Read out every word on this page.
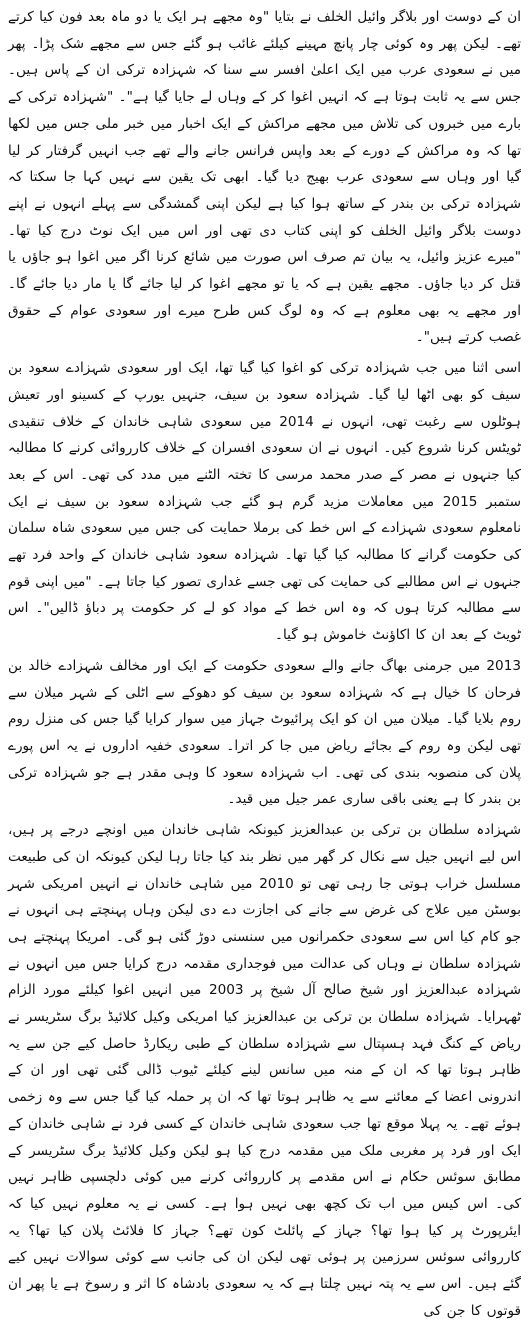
ان کے دوست اور بلاگر وائیل الخلف نے بتایا "وہ مجھے ہر ایک یا دو ماہ بعد فون کیا کرتے تھے۔ لیکن پھر وہ کوئی چار پانچ مہینے کیلئے غائب ہو گئے جس سے مجھے شک پڑا۔ پھر میں نے سعودی عرب میں ایک اعلیٰ افسر سے سنا کہ شہزادہ ترکی ان کے پاس ہیں۔ جس سے یہ ثابت ہوتا ہے کہ انہیں اغوا کر کے وہاں لے جایا گیا ہے"۔ "شہزادہ ترکی کے بارے میں خبروں کی تلاش میں مجھے مراکش کے ایک اخبار میں خبر ملی جس میں لکھا تھا کہ وہ مراکش کے دورے کے بعد واپس فرانس جانے والے تھے جب انہیں گرفتار کر لیا گیا اور وہاں سے سعودی عرب بھیج دیا گیا۔ ابھی تک یقین سے نہیں کہا جا سکتا کہ شہزادہ ترکی بن بندر کے ساتھ ہوا کیا ہے لیکن اپنی گمشدگی سے پہلے انہوں نے اپنے دوست بلاگر وائیل الخلف کو اپنی کتاب دی تھی اور اس میں ایک نوٹ درج کیا تھا۔ "میرے عزیز وائیل، یہ بیان تم صرف اس صورت میں شائع کرنا اگر میں اغوا ہو جاؤں یا قتل کر دیا جاؤں۔ مجھے یقین ہے کہ یا تو مجھے اغوا کر لیا جائے گا یا مار دیا جائے گا۔ اور مجھے یہ بھی معلوم ہے کہ وہ لوگ کس طرح میرے اور سعودی عوام کے حقوق غصب کرتے ہیں"۔

اسی اثنا میں جب شہزادہ ترکی کو اغوا کیا گیا تھا، ایک اور سعودی شہزادے سعود بن سیف کو بھی اٹھا لیا گیا۔ شہزادہ سعود بن سیف، جنہیں یورپ کے کسینو اور تعیش ہوٹلوں سے رغبت تھی، انہوں نے 2014 میں سعودی شاہی خاندان کے خلاف تنقیدی ٹویٹس کرنا شروع کیں۔ انہوں نے ان سعودی افسران کے خلاف کارروائی کرنے کا مطالبہ کیا جنہوں نے مصر کے صدر محمد مرسی کا تختہ الٹنے میں مدد کی تھی۔ اس کے بعد ستمبر 2015 میں معاملات مزید گرم ہو گئے جب شہزادہ سعود بن سیف نے ایک نامعلوم سعودی شہزادے کے اس خط کی برملا حمایت کی جس میں سعودی شاہ سلمان کی حکومت گرانے کا مطالبہ کیا گیا تھا۔ شہزادہ سعود شاہی خاندان کے واحد فرد تھے جنہوں نے اس مطالبے کی حمایت کی تھی جسے غداری تصور کیا جاتا ہے۔ "میں اپنی قوم سے مطالبہ کرتا ہوں کہ وہ اس خط کے مواد کو لے کر حکومت پر دباؤ ڈالیں"۔ اس ٹویٹ کے بعد ان کا اکاؤنٹ خاموش ہو گیا۔

2013 میں جرمنی بھاگ جانے والے سعودی حکومت کے ایک اور مخالف شہزادے خالد بن فرحان کا خیال ہے کہ شہزادہ سعود بن سیف کو دھوکے سے اٹلی کے شہر میلان سے روم بلایا گیا۔ میلان میں ان کو ایک پرائیوٹ جہاز میں سوار کرایا گیا جس کی منزل روم تھی لیکن وہ روم کے بجائے ریاض میں جا کر اترا۔ سعودی خفیہ اداروں نے یہ اس پورے پلان کی منصوبہ بندی کی تھی۔ اب شہزادہ سعود کا وہی مقدر ہے جو شہزادہ ترکی بن بندر کا ہے یعنی باقی ساری عمر جیل میں قید۔

شہزادہ سلطان بن ترکی بن عبدالعزیز کیونکہ شاہی خاندان میں اونچے درجے پر ہیں، اس لیے انہیں جیل سے نکال کر گھر میں نظر بند کیا جاتا رہا لیکن کیونکہ ان کی طبیعت مسلسل خراب ہوتی جا رہی تھی تو 2010 میں شاہی خاندان نے انہیں امریکی شہر بوسٹن میں علاج کی غرض سے جانے کی اجازت دے دی لیکن وہاں پہنچتے ہی انہوں نے جو کام کیا اس سے سعودی حکمرانوں میں سنسنی دوڑ گئی ہو گی۔ امریکا پہنچتے ہی شہزادہ سلطان نے وہاں کی عدالت میں فوجداری مقدمہ درج کرایا جس میں انہوں نے شہزادہ عبدالعزیز اور شیخ صالح آل شیخ پر 2003 میں انہیں اغوا کیلئے مورد الزام ٹھہرایا۔ شہزادہ سلطان بن ترکی بن عبدالعزیز کیا امریکی وکیل کلائیڈ برگ سٹریسر نے ریاض کے کنگ فہد ہسپتال سے شہزادہ سلطان کے طبی ریکارڈ حاصل کیے جن سے یہ ظاہر ہوتا تھا کہ ان کے منہ میں سانس لینے کیلئے ٹیوب ڈالی گئی تھی اور ان کے اندرونی اعضا کے معائنے سے یہ ظاہر ہوتا تھا کہ ان پر حملہ کیا گیا جس سے وہ زخمی ہوئے تھے۔ یہ پہلا موقع تھا جب سعودی شاہی خاندان کے کسی فرد نے شاہی خاندان کے ایک اور فرد پر مغربی ملک میں مقدمہ درج کیا ہو لیکن وکیل کلائیڈ برگ سٹریسر کے مطابق سوئس حکام نے اس مقدمے پر کارروائی کرنے میں کوئی دلچسپی ظاہر نہیں کی۔ اس کیس میں اب تک کچھ بھی نہیں ہوا ہے۔ کسی نے یہ معلوم نہیں کیا کہ ایئرپورٹ پر کیا ہوا تھا؟ جہاز کے پائلٹ کون تھے؟ جہاز کا فلائٹ پلان کیا تھا؟ یہ کارروائی سوئس سرزمین پر ہوئی تھی لیکن ان کی جانب سے کوئی سوالات نہیں کیے گئے ہیں۔ اس سے یہ پتہ نہیں چلتا ہے کہ یہ سعودی بادشاہ کا اثر و رسوخ ہے یا پھر ان قوتوں کا جن کی
